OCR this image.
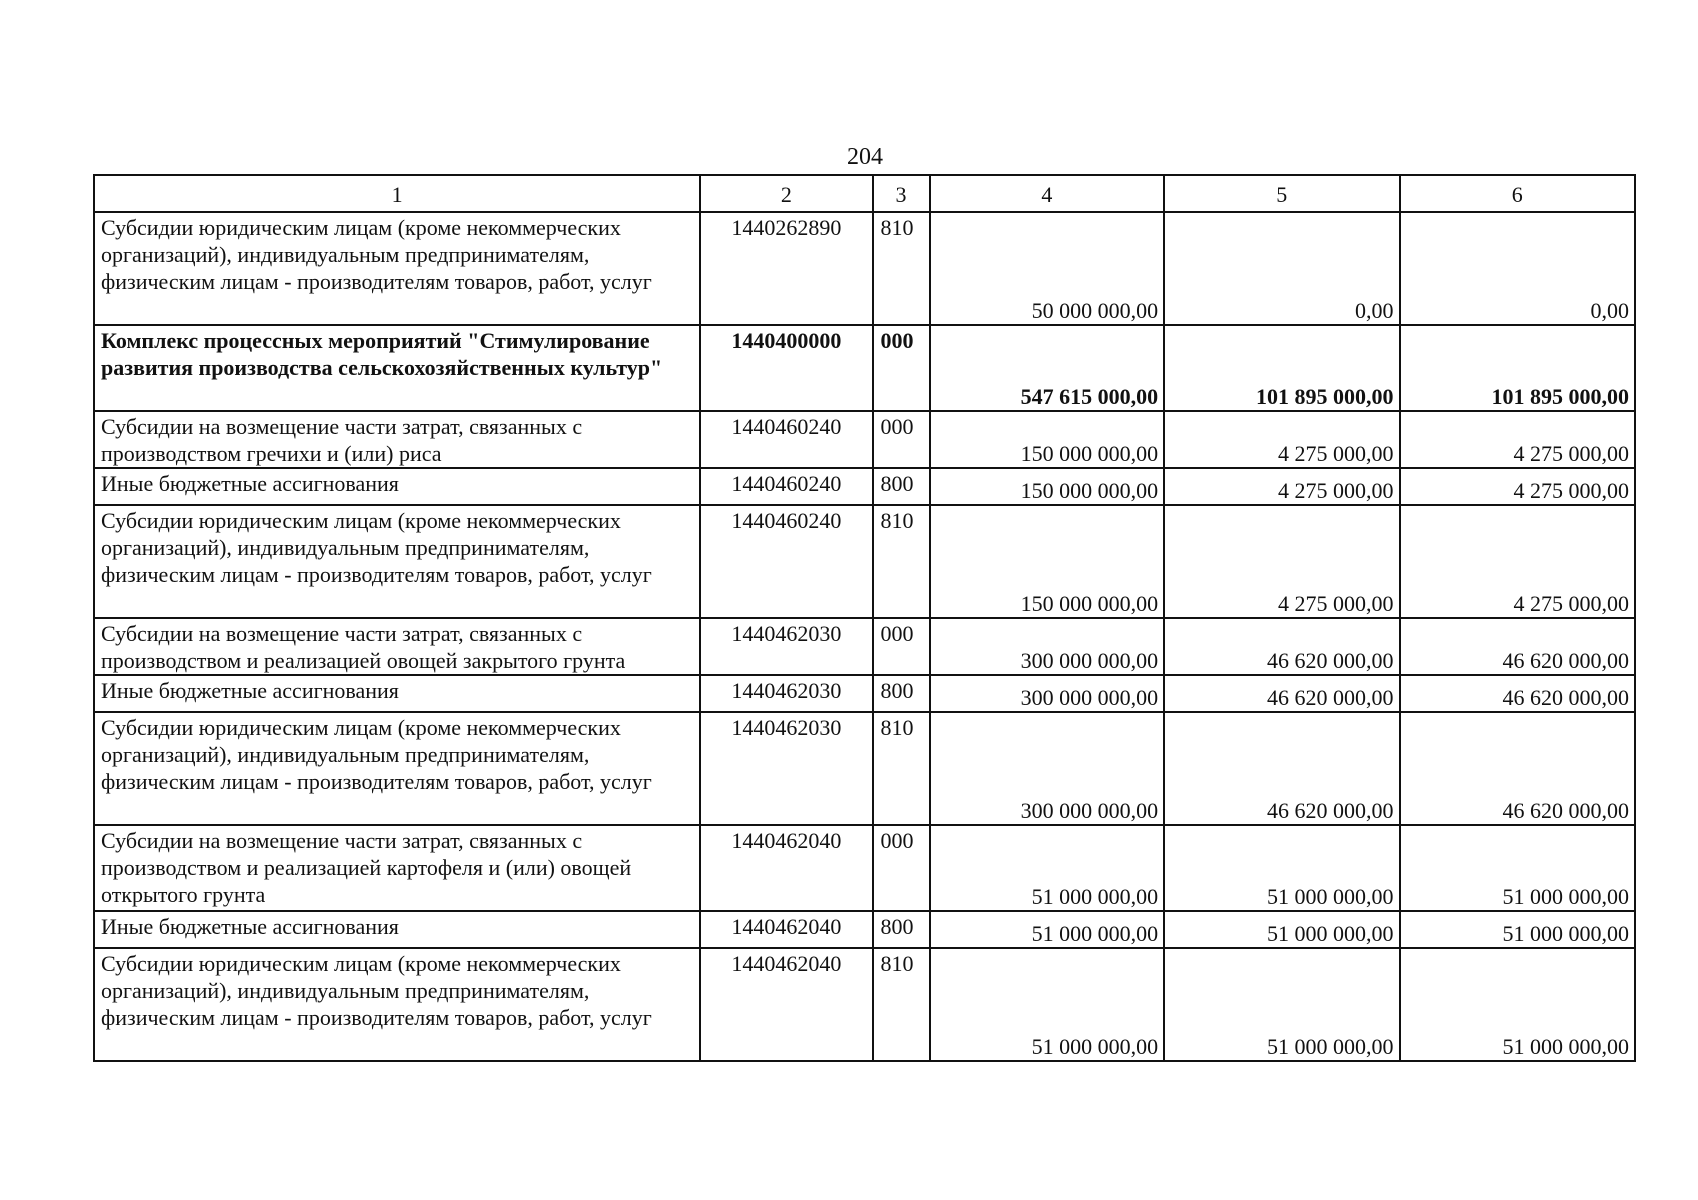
204
1	2	3	4	5	6
Субсидии юридическим лицам (кроме некоммерческих организаций), индивидуальным предпринимателям, физическим лицам - производителям товаров, работ, услуг	1440262890	810	50 000 000,00	0,00	0,00
Комплекс процессных мероприятий "Стимулирование развития производства сельскохозяйственных культур"	1440400000	000	547 615 000,00	101 895 000,00	101 895 000,00
Субсидии на возмещение части затрат, связанных с производством гречихи и (или) риса	1440460240	000	150 000 000,00	4 275 000,00	4 275 000,00
Иные бюджетные ассигнования	1440460240	800	150 000 000,00	4 275 000,00	4 275 000,00
Субсидии юридическим лицам (кроме некоммерческих организаций), индивидуальным предпринимателям, физическим лицам - производителям товаров, работ, услуг	1440460240	810	150 000 000,00	4 275 000,00	4 275 000,00
Субсидии на возмещение части затрат, связанных с производством и реализацией овощей закрытого грунта	1440462030	000	300 000 000,00	46 620 000,00	46 620 000,00
Иные бюджетные ассигнования	1440462030	800	300 000 000,00	46 620 000,00	46 620 000,00
Субсидии юридическим лицам (кроме некоммерческих организаций), индивидуальным предпринимателям, физическим лицам - производителям товаров, работ, услуг	1440462030	810	300 000 000,00	46 620 000,00	46 620 000,00
Субсидии на возмещение части затрат, связанных с производством и реализацией картофеля и (или) овощей открытого грунта	1440462040	000	51 000 000,00	51 000 000,00	51 000 000,00
Иные бюджетные ассигнования	1440462040	800	51 000 000,00	51 000 000,00	51 000 000,00
Субсидии юридическим лицам (кроме некоммерческих организаций), индивидуальным предпринимателям, физическим лицам - производителям товаров, работ, услуг	1440462040	810	51 000 000,00	51 000 000,00	51 000 000,00
